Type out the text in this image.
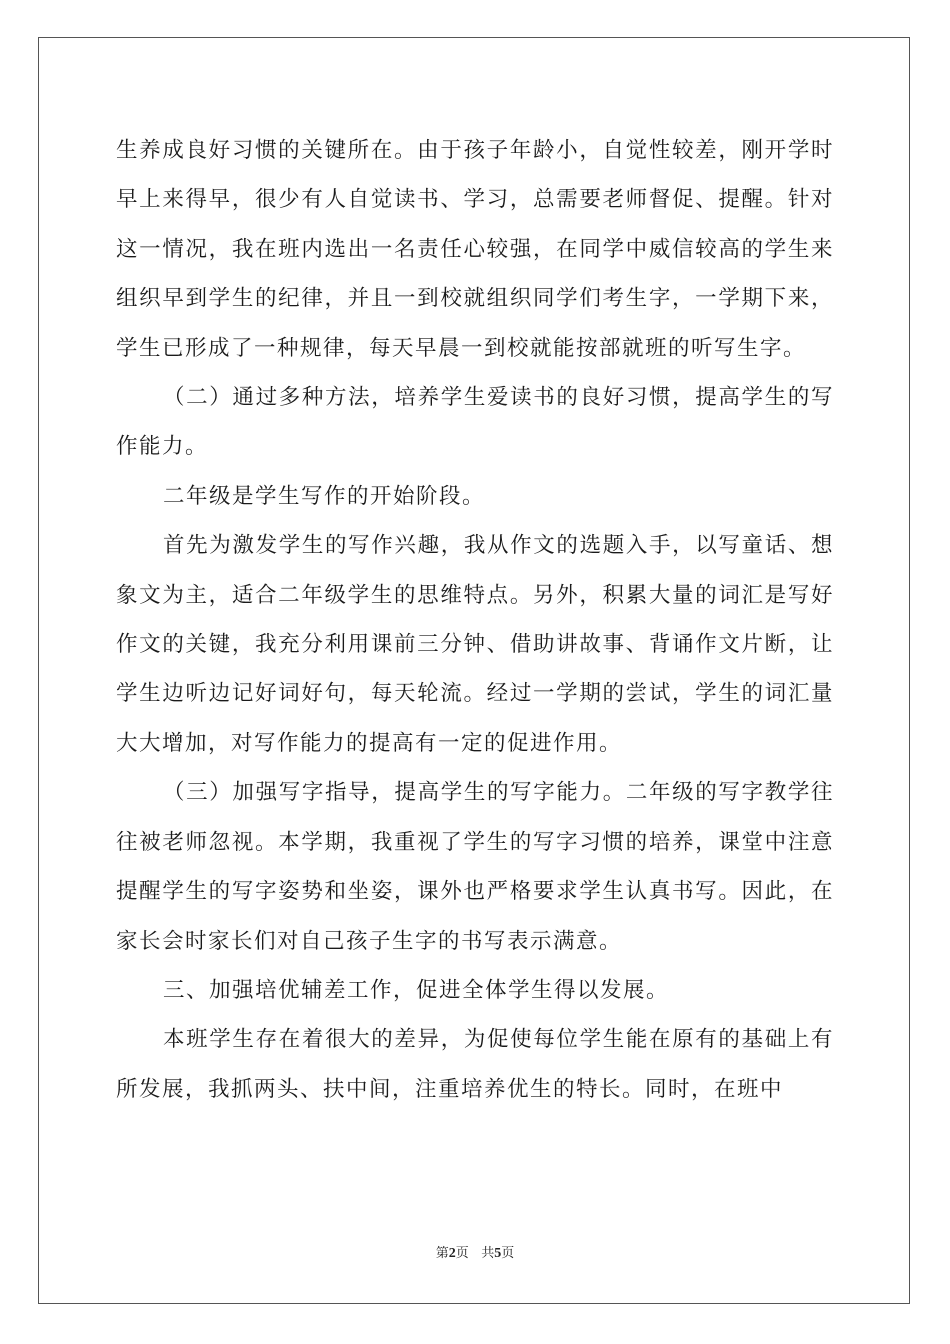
生养成良好习惯的关键所在。由于孩子年龄小，自觉性较差，刚开学时早上来得早，很少有人自觉读书、学习，总需要老师督促、提醒。针对这一情况，我在班内选出一名责任心较强，在同学中威信较高的学生来组织早到学生的纪律，并且一到校就组织同学们考生字，一学期下来，学生已形成了一种规律，每天早晨一到校就能按部就班的听写生字。

（二）通过多种方法，培养学生爱读书的良好习惯，提高学生的写作能力。

二年级是学生写作的开始阶段。

首先为激发学生的写作兴趣，我从作文的选题入手，以写童话、想象文为主，适合二年级学生的思维特点。另外，积累大量的词汇是写好作文的关键，我充分利用课前三分钟、借助讲故事、背诵作文片断，让学生边听边记好词好句，每天轮流。经过一学期的尝试，学生的词汇量大大增加，对写作能力的提高有一定的促进作用。

（三）加强写字指导，提高学生的写字能力。二年级的写字教学往往被老师忽视。本学期，我重视了学生的写字习惯的培养，课堂中注意提醒学生的写字姿势和坐姿，课外也严格要求学生认真书写。因此，在家长会时家长们对自己孩子生字的书写表示满意。

三、加强培优辅差工作，促进全体学生得以发展。

本班学生存在着很大的差异，为促使每位学生能在原有的基础上有所发展，我抓两头、扶中间，注重培养优生的特长。同时，在班中

第2页 共5页
